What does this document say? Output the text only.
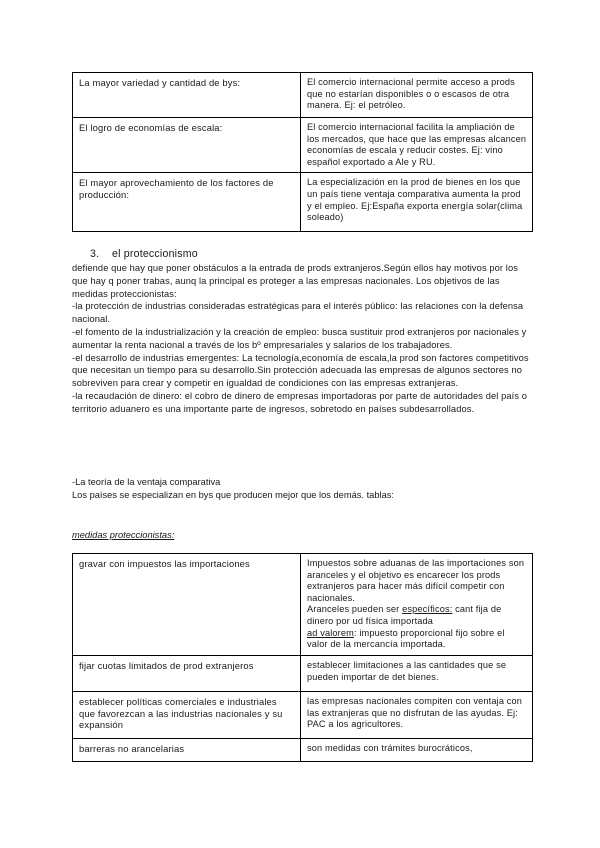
La mayor variedad y cantidad de bys:	El comercio internacional permite acceso a prods que no estarían disponibles o o escasos de otra manera. Ej: el petróleo.
El logro de economías de escala:	El comercio internacional facilita la ampliación de los mercados, que hace que las empresas alcancen economías de escala y reducir costes. Ej: vino español exportado a Ale y RU.
El mayor aprovechamiento de los factores de producción:	La especialización en la prod de bienes en los que un país tiene ventaja comparativa aumenta la prod y el empleo. Ej:España exporta energía solar(clima soleado)
3. el proteccionismo

defiende que hay que poner obstáculos a la entrada de prods extranjeros.Según ellos hay motivos por los que hay q poner trabas, aunq la principal es proteger a las empresas nacionales. Los objetivos de las medidas proteccionistas:

-la protección de industrias consideradas estratégicas para el interés público: las relaciones con la defensa nacional.

-el fomento de la industrialización y la creación de empleo: busca sustituir prod extranjeros por nacionales y aumentar la renta nacional a través de los bº empresariales y salarios de los trabajadores.

-el desarrollo de industrias emergentes: La tecnología,economía de escala,la prod son factores competitivos que necesitan un tiempo para su desarrollo.Sin protección adecuada las empresas de algunos sectores no sobreviven para crear y competir en igualdad de condiciones con las empresas extranjeras.

-la recaudación de dinero: el cobro de dinero de empresas importadoras por parte de autoridades del país o territorio aduanero es una importante parte de ingresos, sobretodo en países subdesarrollados.

-La teoría de la ventaja comparativa

Los países se especializan en bys que producen mejor que los demás. tablas:

medidas proteccionistas:
gravar con impuestos las importaciones	Impuestos sobre aduanas de las importaciones son aranceles y el objetivo es encarecer los prods extranjeros para hacer más difícil competir con nacionales.
Aranceles pueden ser específicos: cant fija de dinero por ud física importada
ad valorem: impuesto proporcional fijo sobre el valor de la mercancía importada.
fijar cuotas limitados de prod extranjeros	establecer limitaciones a las cantidades que se pueden importar de det bienes.
establecer políticas comerciales e industriales que favorezcan a las industrias nacionales y su expansión	las empresas nacionales compiten con ventaja con las extranjeras que no disfrutan de las ayudas. Ej: PAC a los agricultores.
barreras no arancelarias	son medidas con trámites burocráticos,
